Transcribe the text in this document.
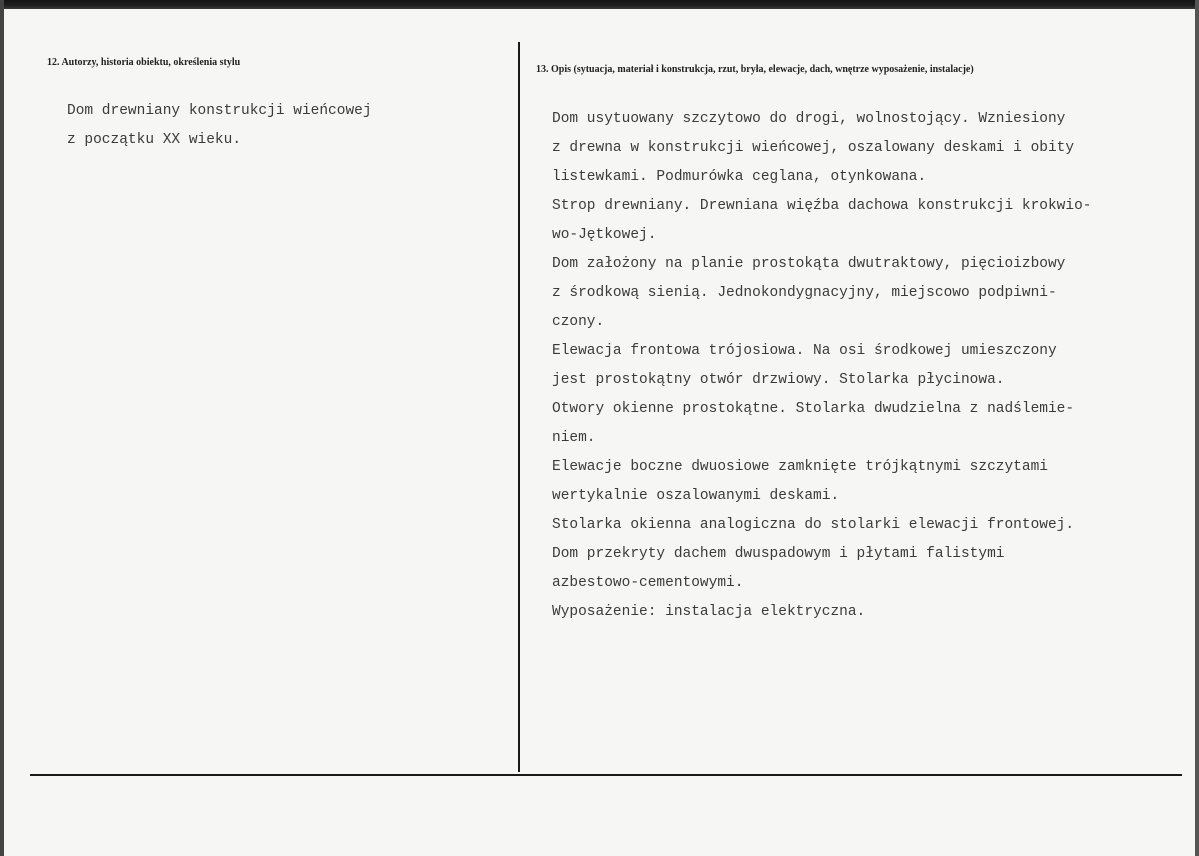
12. Autorzy, historia obiektu, określenia stylu
13. Opis (sytuacja, materiał i konstrukcja, rzut, bryła, elewacje, dach, wnętrze wyposażenie, instalacje)
Dom drewniany konstrukcji wieńcowej
z początku XX wieku.
Dom usytuowany szczytowo do drogi, wolnostojący. Wzniesiony
z drewna w konstrukcji wieńcowej, oszalowany deskami i obity
listewkami. Podmurówka ceglana, otynkowana.
Strop drewniany. Drewniana więźba dachowa konstrukcji krokwio-
wo-Jętkowej.
Dom założony na planie prostokąta dwutraktowy, pięcioizbowy
z środkową sienią. Jednokondygnacyjny, miejscowo podpiwni-
czony.
Elewacja frontowa trójosiowa. Na osi środkowej umieszczony
jest prostokątny otwór drzwiowy. Stolarka płycinowa.
Otwory okienne prostokątne. Stolarka dwudzielna z nadślemie-
niem.
Elewacje boczne dwuosiowe zamknięte trójkątnymi szczytami
wertykalnie oszalowanymi deskami.
Stolarka okienna analogiczna do stolarki elewacji frontowej.
Dom przekryty dachem dwuspadowym i płytami falistymi
azbestowo-cementowymi.
Wyposażenie: instalacja elektryczna.
